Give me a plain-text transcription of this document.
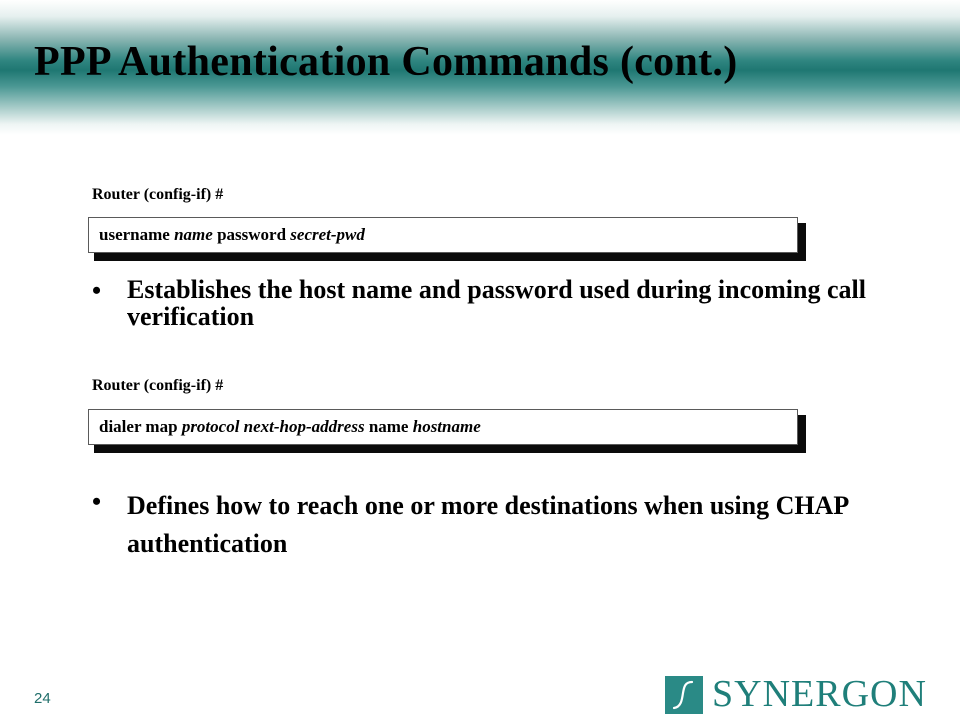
PPP Authentication Commands (cont.)
Router (config-if) #
username name password secret-pwd
• Establishes the host name and password used during incoming call verification
Router (config-if) #
dialer map protocol next-hop-address name hostname
• Defines how to reach one or more destinations when using CHAP authentication
24	SYNERGON
